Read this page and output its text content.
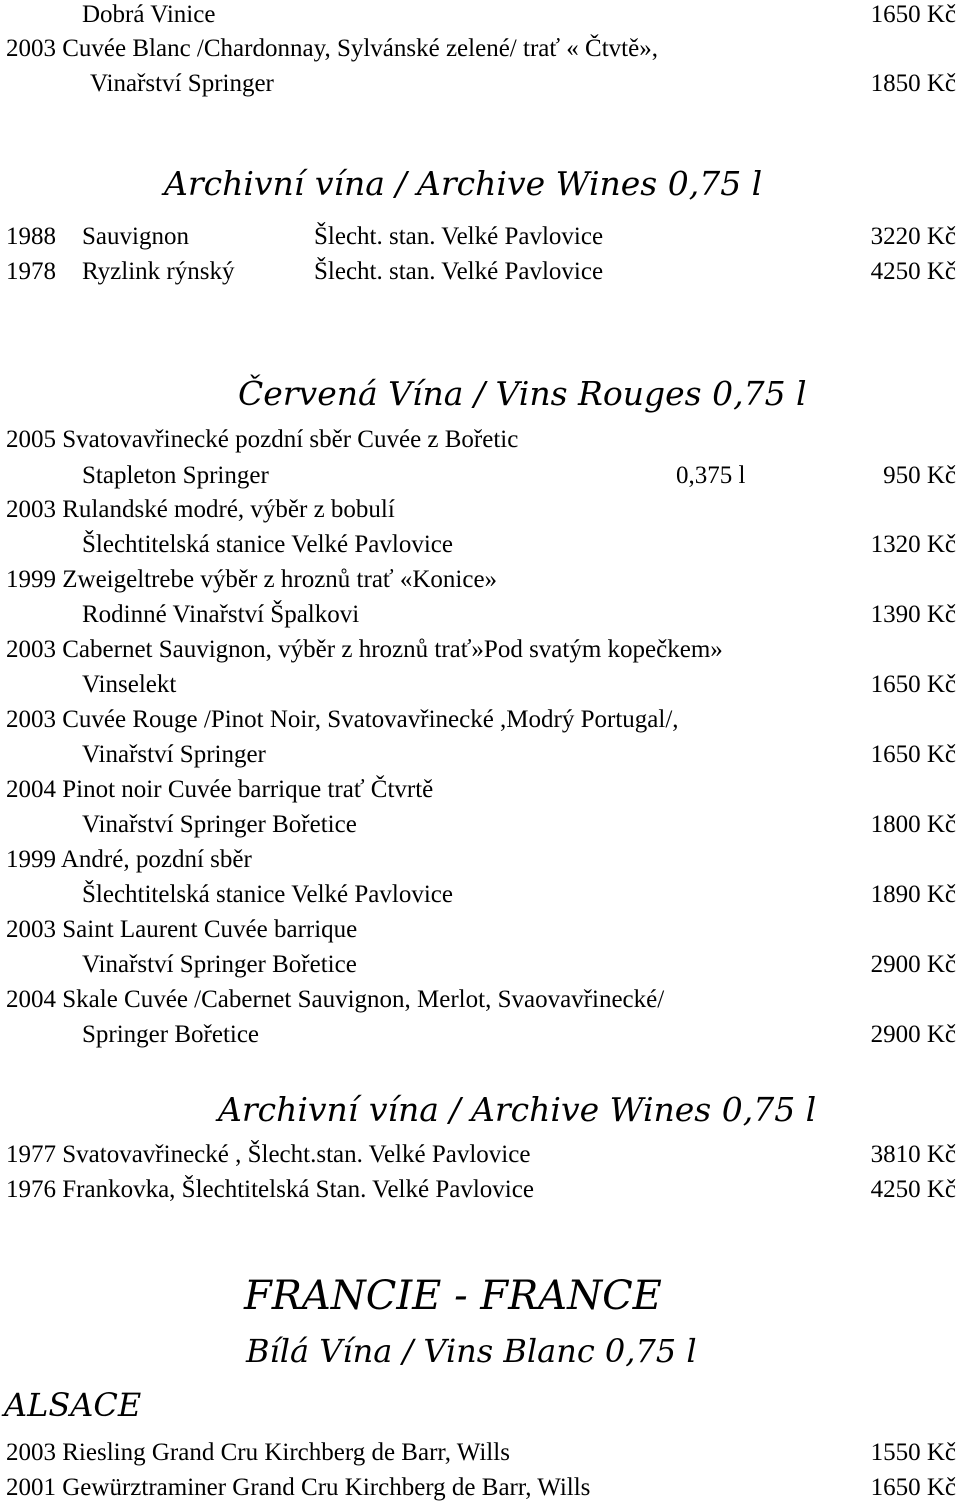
Dobrá Vinice	1650 Kč
2003 Cuvée Blanc /Chardonnay, Sylvánské zelené/ trať « Čtvtě»,
Vinařství Springer	1850 Kč
Archivní vína / Archive Wines 0,75 l
1988 Sauvignon	Šlecht. stan. Velké Pavlovice	3220 Kč
1978 Ryzlink rýnský	Šlecht. stan. Velké Pavlovice	4250 Kč
Červená Vína / Vins Rouges 0,75 l
2005 Svatovavřinecké pozdní sběr Cuvée z Bořetic
Stapleton Springer	0,375 l	950 Kč
2003 Rulandské modré, výběr z bobulí
Šlechtitelská stanice Velké Pavlovice	1320 Kč
1999 Zweigeltrebe výběr z hroznů trať «Konice»
Rodinné Vinařství Špalkovi	1390 Kč
2003 Cabernet Sauvignon, výběr z hroznů trať»Pod svatým kopečkem»
Vinselekt	1650 Kč
2003 Cuvée Rouge /Pinot Noir, Svatovavřinecké ,Modrý Portugal/,
Vinařství Springer	1650 Kč
2004 Pinot noir Cuvée barrique trať Čtvrtě
Vinařství Springer Bořetice	1800 Kč
1999 André, pozdní sběr
Šlechtitelská stanice Velké Pavlovice	1890 Kč
2003 Saint Laurent Cuvée barrique
Vinařství Springer Bořetice	2900 Kč
2004 Skale Cuvée /Cabernet Sauvignon, Merlot, Svaovavřinecké/
Springer Bořetice	2900 Kč
Archivní vína / Archive Wines 0,75 l
1977 Svatovavřinecké , Šlecht.stan. Velké Pavlovice	3810 Kč
1976 Frankovka, Šlechtitelská Stan. Velké Pavlovice	4250 Kč
FRANCIE - FRANCE
Bílá Vína / Vins Blanc 0,75 l
ALSACE
2003 Riesling Grand Cru Kirchberg de Barr, Wills	1550 Kč
2001 Gewürztraminer Grand Cru Kirchberg de Barr, Wills	1650 Kč
